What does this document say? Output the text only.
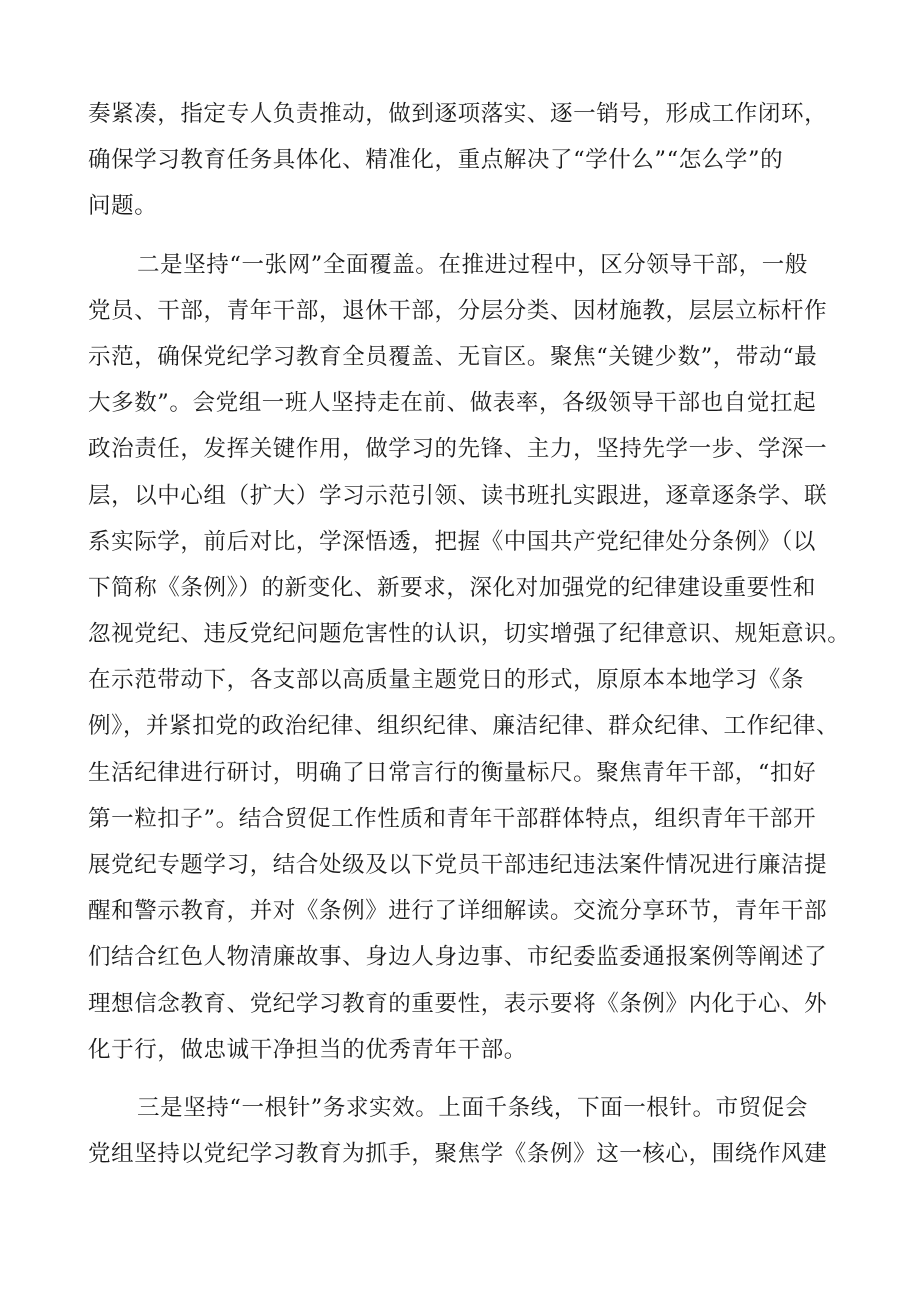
奏紧凑，指定专人负责推动，做到逐项落实、逐一销号，形成工作闭环，
确保学习教育任务具体化、精准化，重点解决了“学什么”“怎么学”的
问题。
二是坚持“一张网”全面覆盖。在推进过程中，区分领导干部，一般
党员、干部，青年干部，退休干部，分层分类、因材施教，层层立标杆作
示范，确保党纪学习教育全员覆盖、无盲区。聚焦“关键少数”，带动“最
大多数”。会党组一班人坚持走在前、做表率，各级领导干部也自觉扛起
政治责任，发挥关键作用，做学习的先锋、主力，坚持先学一步、学深一
层，以中心组（扩大）学习示范引领、读书班扎实跟进，逐章逐条学、联
系实际学，前后对比，学深悟透，把握《中国共产党纪律处分条例》（以
下简称《条例》）的新变化、新要求，深化对加强党的纪律建设重要性和
忽视党纪、违反党纪问题危害性的认识，切实增强了纪律意识、规矩意识。
在示范带动下，各支部以高质量主题党日的形式，原原本本地学习《条
例》，并紧扣党的政治纪律、组织纪律、廉洁纪律、群众纪律、工作纪律、
生活纪律进行研讨，明确了日常言行的衡量标尺。聚焦青年干部，“扣好
第一粒扣子”。结合贸促工作性质和青年干部群体特点，组织青年干部开
展党纪专题学习，结合处级及以下党员干部违纪违法案件情况进行廉洁提
醒和警示教育，并对《条例》进行了详细解读。交流分享环节，青年干部
们结合红色人物清廉故事、身边人身边事、市纪委监委通报案例等阐述了
理想信念教育、党纪学习教育的重要性，表示要将《条例》内化于心、外
化于行，做忠诚干净担当的优秀青年干部。
三是坚持“一根针”务求实效。上面千条线，下面一根针。市贸促会
党组坚持以党纪学习教育为抓手，聚焦学《条例》这一核心，围绕作风建
